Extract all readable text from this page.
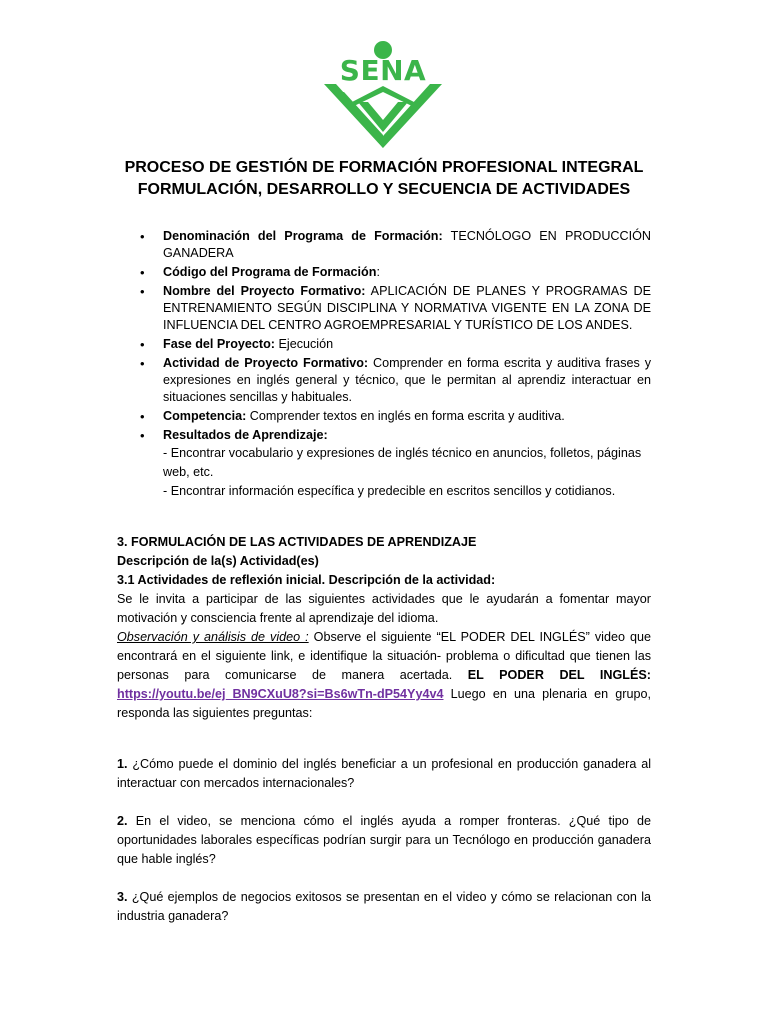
SENA
PROCESO DE GESTIÓN DE FORMACIÓN PROFESIONAL INTEGRAL
FORMULACIÓN, DESARROLLO Y SECUENCIA DE ACTIVIDADES
• Denominación del Programa de Formación: TECNÓLOGO EN PRODUCCIÓN GANADERA
• Código del Programa de Formación:
• Nombre del Proyecto Formativo: APLICACIÓN DE PLANES Y PROGRAMAS DE ENTRENAMIENTO SEGÚN DISCIPLINA Y NORMATIVA VIGENTE EN LA ZONA DE INFLUENCIA DEL CENTRO AGROEMPRESARIAL Y TURÍSTICO DE LOS ANDES.
• Fase del Proyecto: Ejecución
• Actividad de Proyecto Formativo: Comprender en forma escrita y auditiva frases y expresiones en inglés general y técnico, que le permitan al aprendiz interactuar en situaciones sencillas y habituales.
• Competencia: Comprender textos en inglés en forma escrita y auditiva.
• Resultados de Aprendizaje:
- Encontrar vocabulario y expresiones de inglés técnico en anuncios, folletos, páginas web, etc.
- Encontrar información específica y predecible en escritos sencillos y cotidianos.

3. FORMULACIÓN DE LAS ACTIVIDADES DE APRENDIZAJE

Descripción de la(s) Actividad(es)

3.1 Actividades de reflexión inicial. Descripción de la actividad:

Se le invita a participar de las siguientes actividades que le ayudarán a fomentar mayor motivación y consciencia frente al aprendizaje del idioma.

Observación y análisis de video : Observe el siguiente “EL PODER DEL INGLÉS” video que encontrará en el siguiente link, e identifique la situación- problema o dificultad que tienen las personas para comunicarse de manera acertada. EL PODER DEL INGLÉS: https://youtu.be/ej_BN9CXuU8?si=Bs6wTn-dP54Yy4v4 Luego en una plenaria en grupo, responda las siguientes preguntas:

1. ¿Cómo puede el dominio del inglés beneficiar a un profesional en producción ganadera al interactuar con mercados internacionales?

2. En el video, se menciona cómo el inglés ayuda a romper fronteras. ¿Qué tipo de oportunidades laborales específicas podrían surgir para un Tecnólogo en producción ganadera que hable inglés?

3. ¿Qué ejemplos de negocios exitosos se presentan en el video y cómo se relacionan con la industria ganadera?
